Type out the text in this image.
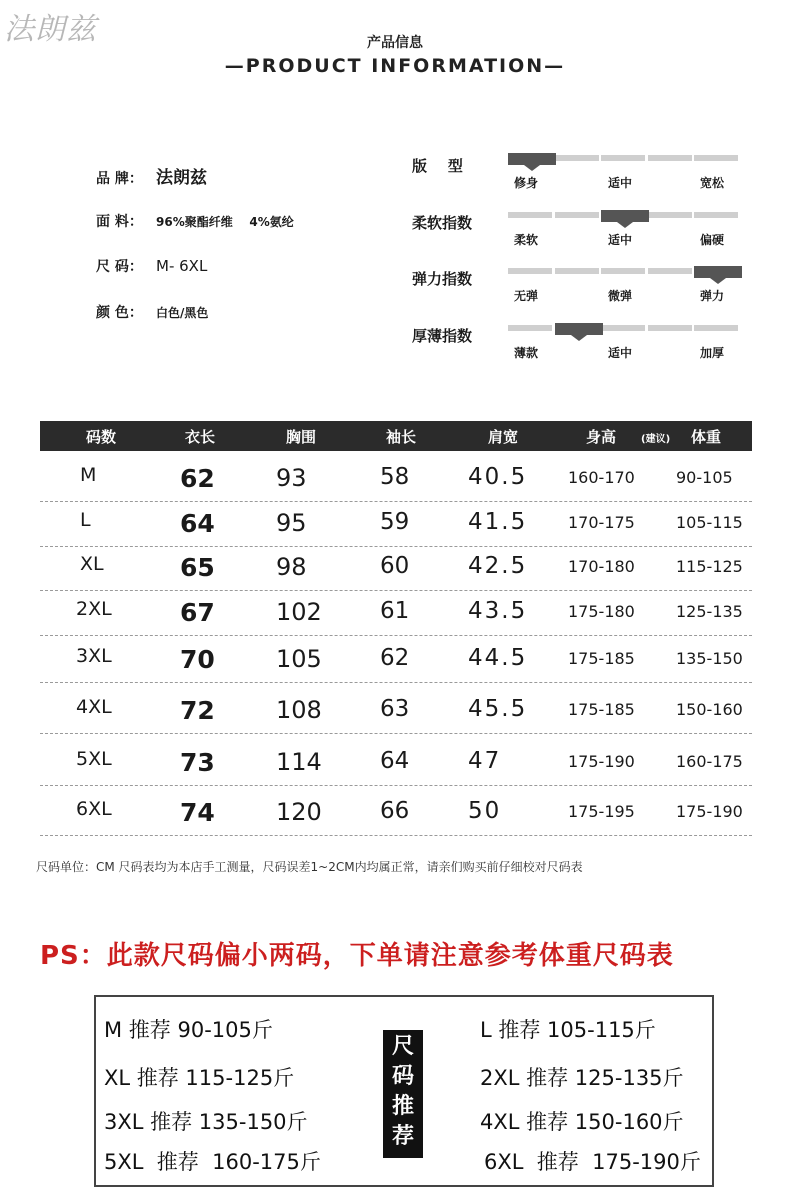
法朗兹	产品信息
—PRODUCT INFORMATION—
品 牌： 法朗兹
面 料：	96%聚酯纤维    4%氨纶
尺 码： M- 6XL
颜 色：	白色/黑色
版    型
修身	适中	宽松
柔软指数
柔软	适中	偏硬
弹力指数
无弹	微弹	弹力
厚薄指数
薄款	适中	加厚
码数	衣长	胸围	袖长	肩宽	身高 (建议) 体重
M	62	93	58	40.5	160-170	90-105
L	64	95	59	41.5	170-175	105-115
XL	65	98	60	42.5	170-180	115-125
2XL	67	102	61	43.5	175-180	125-135
3XL	70	105	62	44.5	175-185	135-150
4XL	72	108	63	45.5	175-185	150-160
5XL	73	114	64	47	175-190	160-175
6XL	74	120	66	50	175-195	175-190
尺码单位：CM 尺码表均为本店手工测量，尺码误差1~2CM内均属正常，请亲们购买前仔细校对尺码表
PS：此款尺码偏小两码，下单请注意参考体重尺码表
尺码推荐
M 推荐 90-105斤	L 推荐 105-115斤
XL 推荐 115-125斤	2XL 推荐 125-135斤
3XL 推荐 135-150斤	4XL 推荐 150-160斤
5XL  推荐  160-175斤	6XL  推荐  175-190斤
